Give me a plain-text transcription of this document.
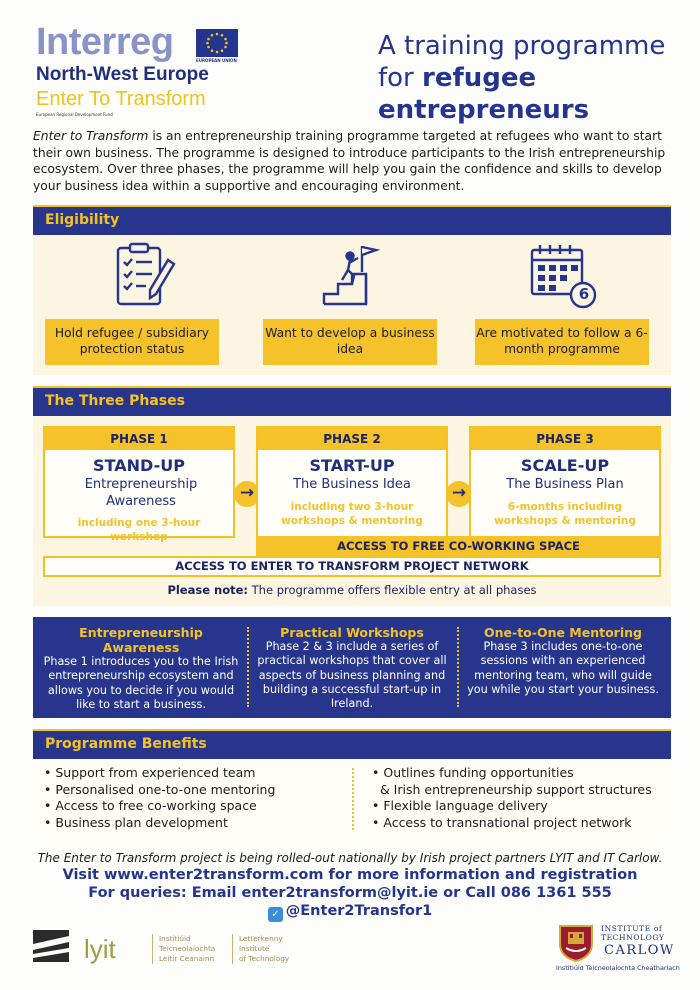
Interreg	EUROPEAN UNION
North-West Europe
Enter To Transform
European Regional Development Fund
A training programme
for refugee
entrepreneurs
Enter to Transform is an entrepreneurship training programme targeted at refugees who want to start their own business. The programme is designed to introduce participants to the Irish entrepreneurship ecosystem. Over three phases, the programme will help you gain the confidence and skills to develop your business idea within a supportive and encouraging environment.
Eligibility
6
Hold refugee / subsidiary protection status
Want to develop a business idea
Are motivated to follow a 6-month programme
The Three Phases
PHASE 1
STAND-UP
Entrepreneurship Awareness
including one 3-hour workshop
→
PHASE 2
START-UP
The Business Idea
including two 3-hour workshops & mentoring
→
PHASE 3
SCALE-UP
The Business Plan
6-months including workshops & mentoring
ACCESS TO FREE CO-WORKING SPACE
ACCESS TO ENTER TO TRANSFORM PROJECT NETWORK
Please note: The programme offers flexible entry at all phases
Entrepreneurship Awareness
Phase 1 introduces you to the Irish entrepreneurship ecosystem and allows you to decide if you would like to start a business.
Practical Workshops
Phase 2 & 3 include a series of practical workshops that cover all aspects of business planning and building a successful start-up in Ireland.
One-to-One Mentoring
Phase 3 includes one-to-one sessions with an experienced mentoring team, who will guide you while you start your business.
Programme Benefits
• Support from experienced team
• Personalised one-to-one mentoring
• Access to free co-working space
• Business plan development
• Outlines funding opportunities
& Irish entrepreneurship support structures
• Flexible language delivery
• Access to transnational project network
The Enter to Transform project is being rolled-out nationally by Irish project partners LYIT and IT Carlow.
Visit www.enter2transform.com for more information and registration
For queries: Email enter2transform@lyit.ie or Call 086 1361 555
✓ @Enter2Transfor1
lyit	Institiúid
Teicneolaíochta
Leitir Ceanainn
Letterkenny
Institute
of Technology
INSTITUTE of
TECHNOLOGY
CARLOW
Institiúid Teicneolaíochta Cheatharlach
